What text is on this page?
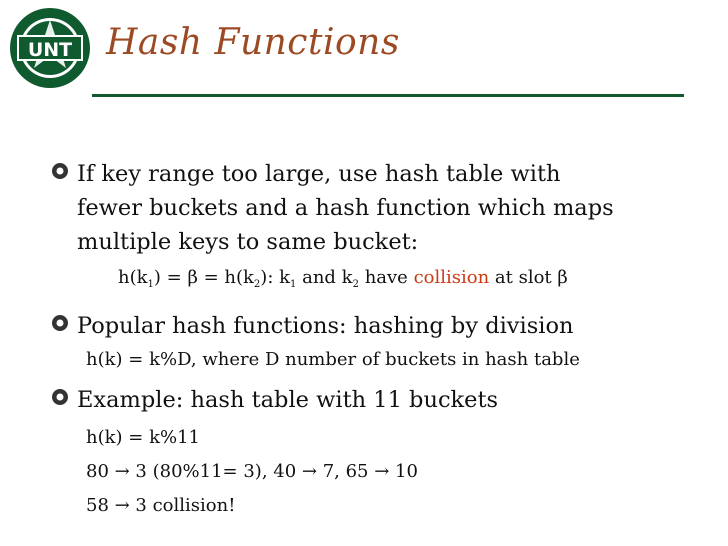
UNT Hash Functions
If key range too large, use hash table with
fewer buckets and a hash function which maps
multiple keys to same bucket:
$h(k_1) = \beta = h(k_2)$: $k_1$ and $k_2$ have collision at slot β
Popular hash functions: hashing by division
h(k) = k%D, where D number of buckets in hash table
Example: hash table with 11 buckets
h(k) = k%11
80 → 3 (80%11= 3), 40 → 7, 65 → 10
58 → 3 collision!
